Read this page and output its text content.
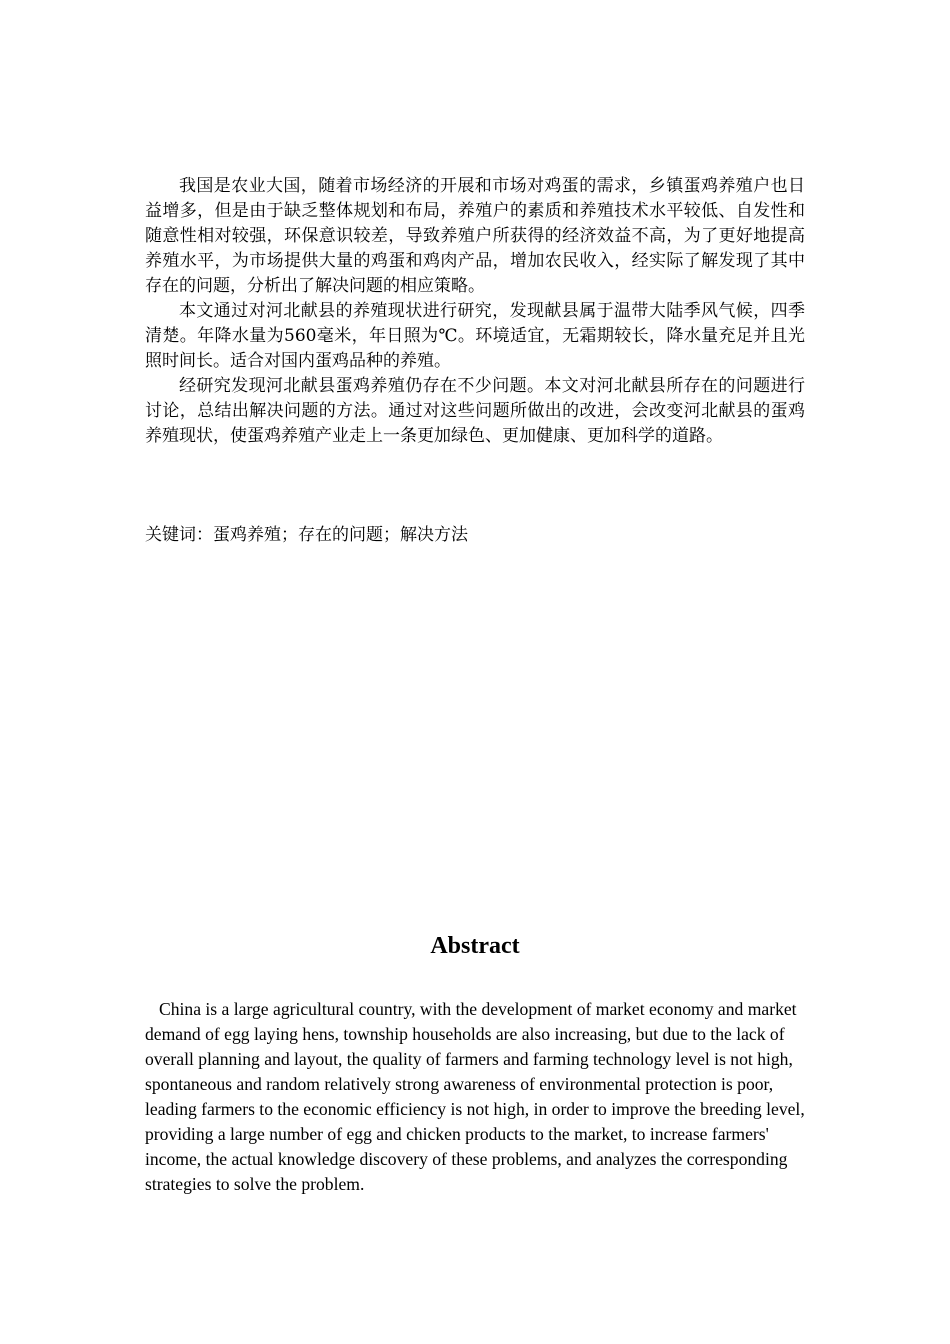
我国是农业大国，随着市场经济的开展和市场对鸡蛋的需求，乡镇蛋鸡养殖户也日益增多，但是由于缺乏整体规划和布局，养殖户的素质和养殖技术水平较低、自发性和随意性相对较强，环保意识较差，导致养殖户所获得的经济效益不高，为了更好地提高养殖水平，为市场提供大量的鸡蛋和鸡肉产品，增加农民收入，经实际了解发现了其中存在的问题，分析出了解决问题的相应策略。

本文通过对河北献县的养殖现状进行研究，发现献县属于温带大陆季风气候，四季清楚。年降水量为560毫米，年日照为℃。环境适宜，无霜期较长，降水量充足并且光照时间长。适合对国内蛋鸡品种的养殖。

经研究发现河北献县蛋鸡养殖仍存在不少问题。本文对河北献县所存在的问题进行讨论，总结出解决问题的方法。通过对这些问题所做出的改进，会改变河北献县的蛋鸡养殖现状，使蛋鸡养殖产业走上一条更加绿色、更加健康、更加科学的道路。

关键词：蛋鸡养殖；存在的问题；解决方法
Abstract

China is a large agricultural country, with the development of market economy and market demand of egg laying hens, township households are also increasing, but due to the lack of overall planning and layout, the quality of farmers and farming technology level is not high, spontaneous and random relatively strong awareness of environmental protection is poor, leading farmers to the economic efficiency is not high, in order to improve the breeding level, providing a large number of egg and chicken products to the market, to increase farmers' income, the actual knowledge discovery of these problems, and analyzes the corresponding strategies to solve the problem.
